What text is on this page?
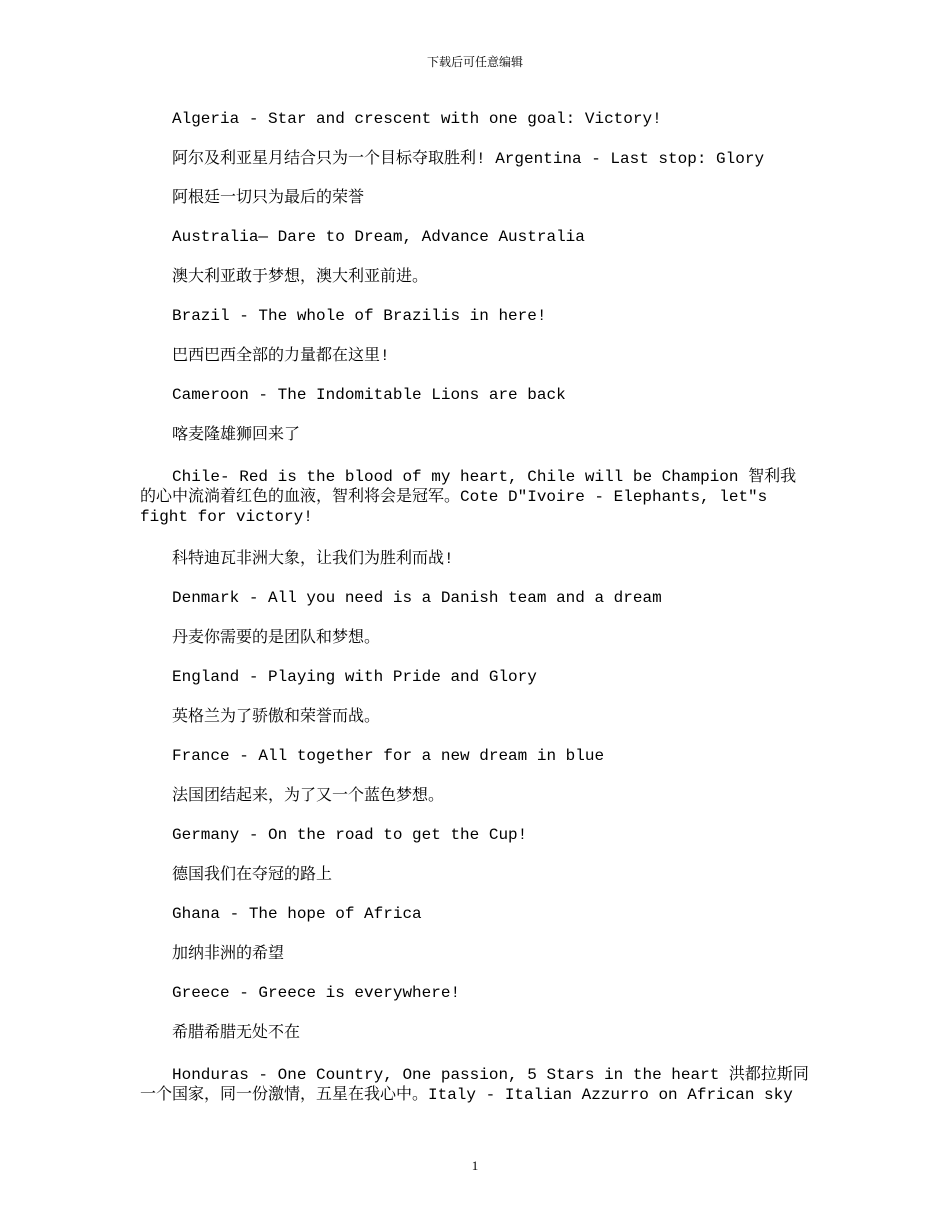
下载后可任意编辑

Algeria - Star and crescent with one goal: Victory!

阿尔及利亚星月结合只为一个目标夺取胜利! Argentina - Last stop: Glory

阿根廷一切只为最后的荣誉

Australia— Dare to Dream, Advance Australia

澳大利亚敢于梦想，澳大利亚前进。

Brazil - The whole of Brazilis in here!

巴西巴西全部的力量都在这里!

Cameroon - The Indomitable Lions are back

喀麦隆雄狮回来了

Chile- Red is the blood of my heart, Chile will be Champion 智利我的心中流淌着红色的血液，智利将会是冠军。Cote D"Ivoire - Elephants, let"s fight for victory!

科特迪瓦非洲大象，让我们为胜利而战!

Denmark - All you need is a Danish team and a dream

丹麦你需要的是团队和梦想。

England - Playing with Pride and Glory

英格兰为了骄傲和荣誉而战。

France - All together for a new dream in blue

法国团结起来，为了又一个蓝色梦想。

Germany - On the road to get the Cup!

德国我们在夺冠的路上

Ghana - The hope of Africa

加纳非洲的希望

Greece - Greece is everywhere!

希腊希腊无处不在

Honduras - One Country, One passion, 5 Stars in the heart 洪都拉斯同一个国家，同一份激情，五星在我心中。Italy - Italian Azzurro on African sky

1
